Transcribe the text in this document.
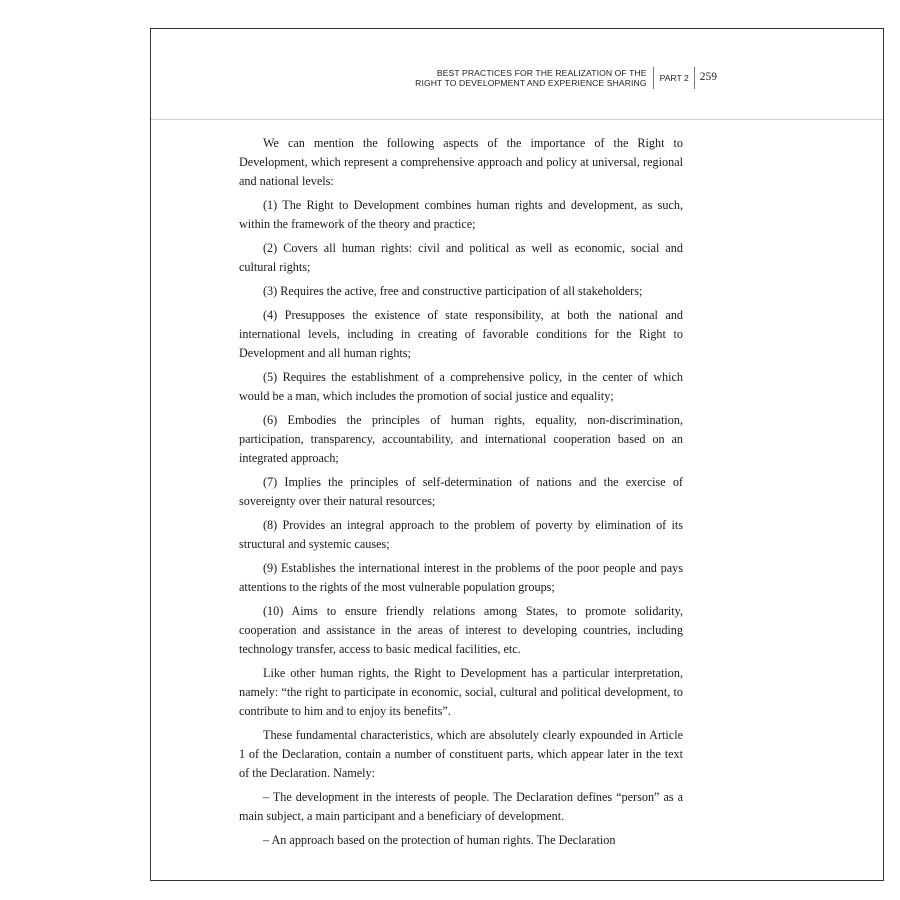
BEST PRACTICES FOR THE REALIZATION OF THE
RIGHT TO DEVELOPMENT AND EXPERIENCE SHARING PART 2 259

We can mention the following aspects of the importance of the Right to Development, which represent a comprehensive approach and policy at universal, regional and national levels:

(1) The Right to Development combines human rights and development, as such, within the framework of the theory and practice;

(2) Covers all human rights: civil and political as well as economic, social and cultural rights;

(3) Requires the active, free and constructive participation of all stakeholders;

(4) Presupposes the existence of state responsibility, at both the national and international levels, including in creating of favorable conditions for the Right to Development and all human rights;

(5) Requires the establishment of a comprehensive policy, in the center of which would be a man, which includes the promotion of social justice and equality;

(6) Embodies the principles of human rights, equality, non-discrimination, participation, transparency, accountability, and international cooperation based on an integrated approach;

(7) Implies the principles of self-determination of nations and the exercise of sovereignty over their natural resources;

(8) Provides an integral approach to the problem of poverty by elimination of its structural and systemic causes;

(9) Establishes the international interest in the problems of the poor people and pays attentions to the rights of the most vulnerable population groups;

(10) Aims to ensure friendly relations among States, to promote solidarity, cooperation and assistance in the areas of interest to developing countries, including technology transfer, access to basic medical facilities, etc.

Like other human rights, the Right to Development has a particular interpretation, namely: “the right to participate in economic, social, cultural and political development, to contribute to him and to enjoy its benefits”.

These fundamental characteristics, which are absolutely clearly expounded in Article 1 of the Declaration, contain a number of constituent parts, which appear later in the text of the Declaration. Namely:

– The development in the interests of people. The Declaration defines “person” as a main subject, a main participant and a beneficiary of development.

– An approach based on the protection of human rights. The Declaration
